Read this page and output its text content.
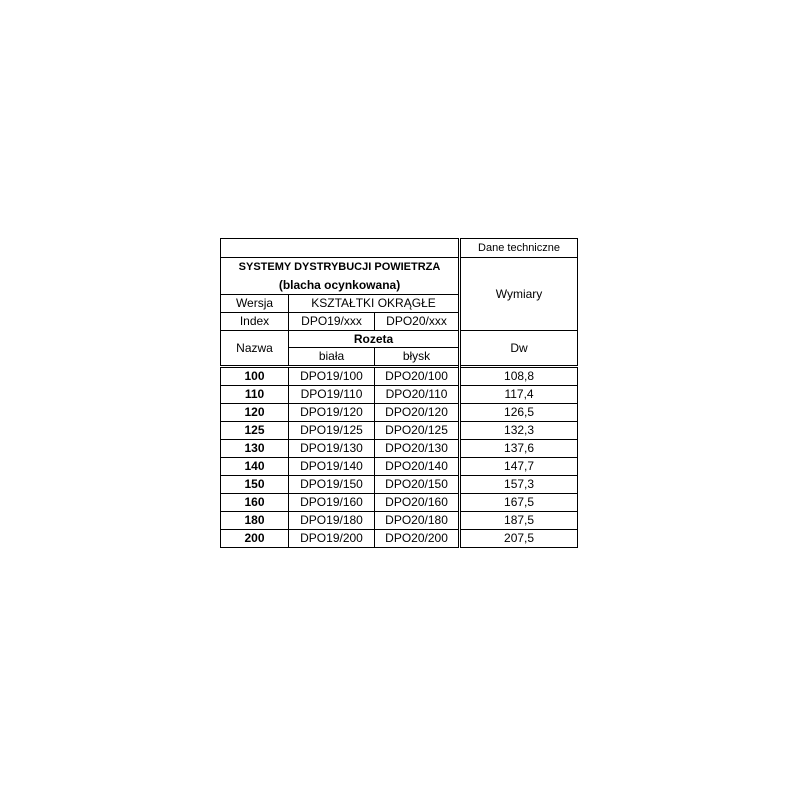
			Dane techniczne

SYSTEMY DYSTRYBUCJI POWIETRZA
(blacha ocynkowana)			Wymiary

Wersja	KSZTAŁTKI OKRĄGŁE		
Index	DPO19/xxx	DPO20/xxx	
Nazwa	Rozeta		Dw
	biała	błysk	
100	DPO19/100	DPO20/100	108,8
110	DPO19/110	DPO20/110	117,4
120	DPO19/120	DPO20/120	126,5
125	DPO19/125	DPO20/125	132,3
130	DPO19/130	DPO20/130	137,6
140	DPO19/140	DPO20/140	147,7
150	DPO19/150	DPO20/150	157,3
160	DPO19/160	DPO20/160	167,5
180	DPO19/180	DPO20/180	187,5
200	DPO19/200	DPO20/200	207,5
